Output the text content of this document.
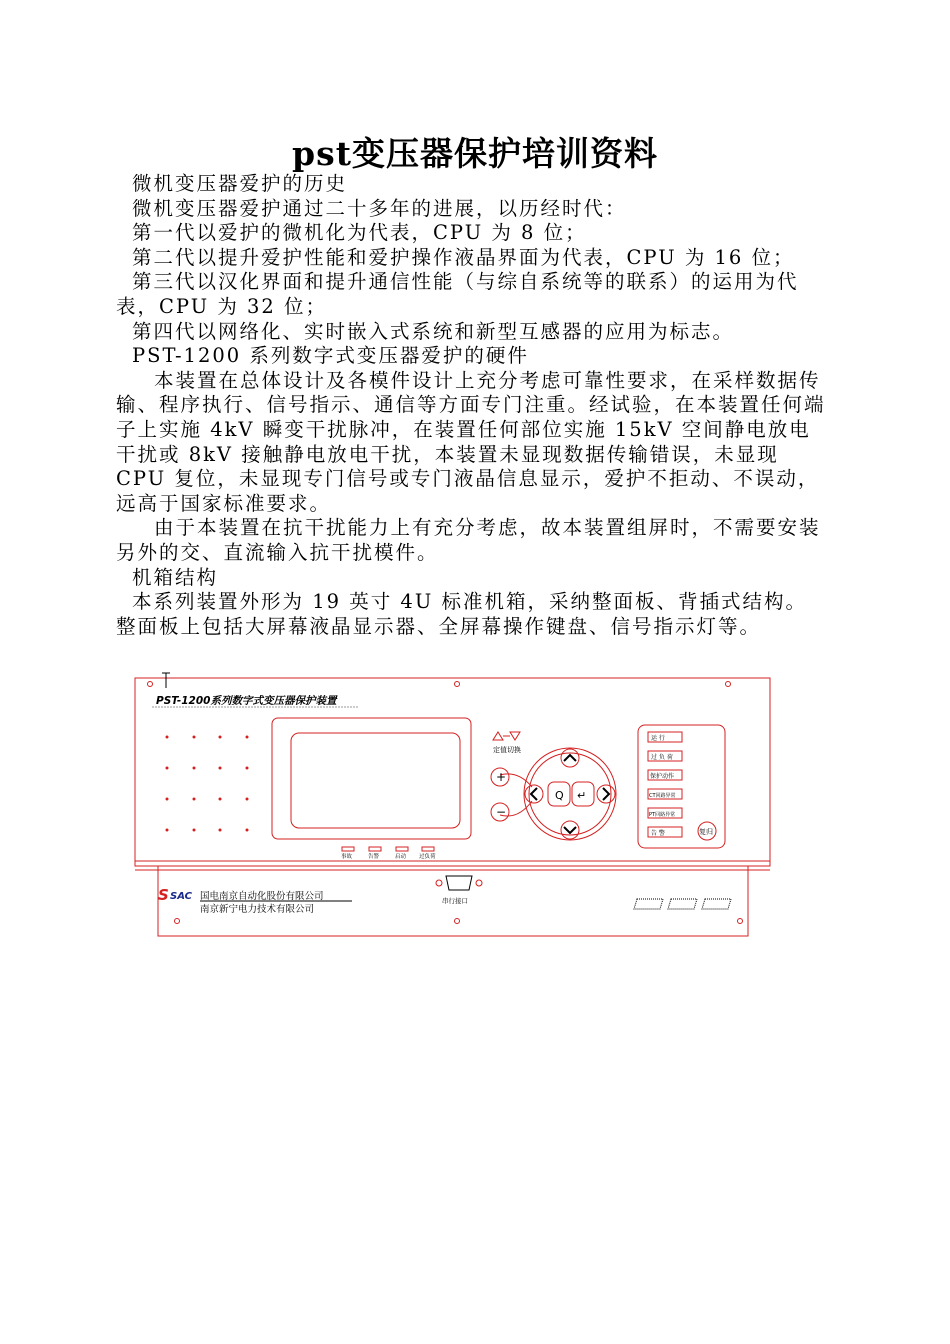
pst变压器保护培训资料

微机变压器爱护的历史

微机变压器爱护通过二十多年的进展，以历经时代：

第一代以爱护的微机化为代表，CPU 为 8 位；

第二代以提升爱护性能和爱护操作液晶界面为代表，CPU 为 16 位；

第三代以汉化界面和提升通信性能（与综自系统等的联系）的运用为代表，CPU 为 32 位；

第四代以网络化、实时嵌入式系统和新型互感器的应用为标志。

PST-1200 系列数字式变压器爱护的硬件

本装置在总体设计及各模件设计上充分考虑可靠性要求，在采样数据传输、程序执行、信号指示、通信等方面专门注重。经试验，在本装置任何端子上实施 4kV 瞬变干扰脉冲，在装置任何部位实施 15kV 空间静电放电干扰或 8kV 接触静电放电干扰，本装置未显现数据传输错误，未显现 CPU 复位，未显现专门信号或专门液晶信息显示，爱护不拒动、不误动，远高于国家标准要求。

由于本装置在抗干扰能力上有充分考虑，故本装置组屏时，不需要安装另外的交、直流输入抗干扰模件。

机箱结构

本系列装置外形为 19 英寸 4U 标准机箱，采纳整面板、背插式结构。整面板上包括大屏幕液晶显示器、全屏幕操作键盘、信号指示灯等。

PST-1200系列数字式变压器保护装置
定值切换
+
−
Q ↵
运 行
过 负 荷
保护动作
CT回路异常
PT回路异常
告 警	复归
事故	告警	启动 过负荷
S SAC 国电南京自动化股份有限公司
南京新宁电力技术有限公司
串行接口
